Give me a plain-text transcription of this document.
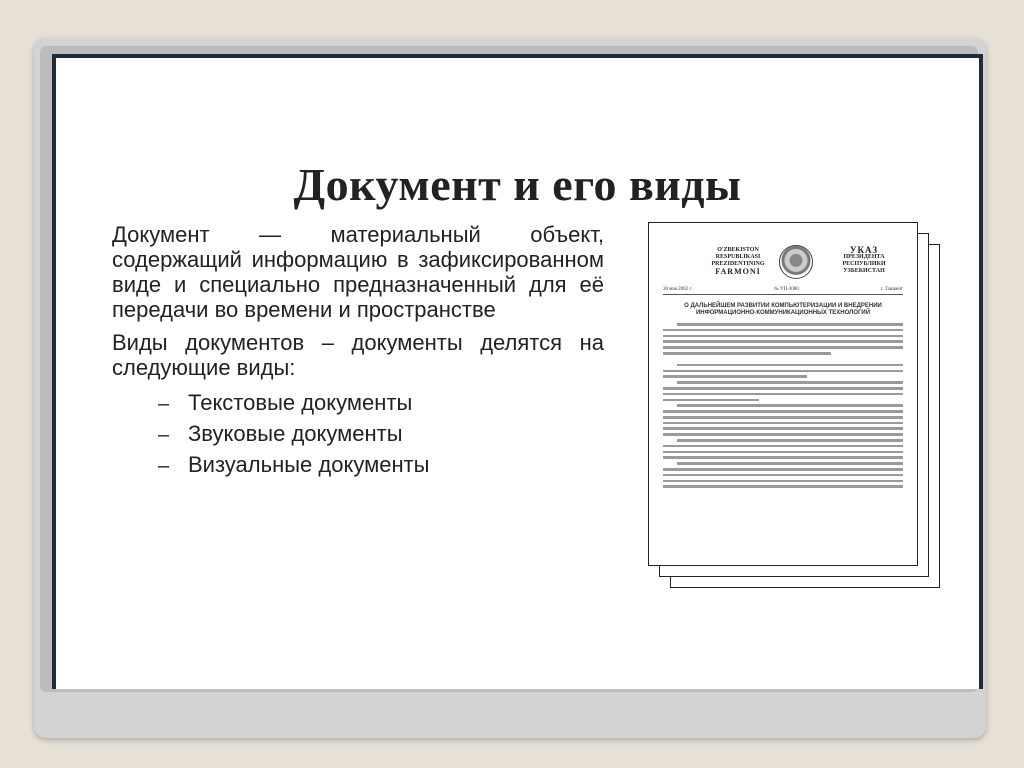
Документ и его виды

Документ — материальный объект, содержащий информацию в зафиксированном виде и специально предназначенный для её передачи во времени и пространстве

Виды документов – документы делятся на следующие виды:

– Текстовые документы
– Звуковые документы
– Визуальные документы
O'ZBEKISTON
RESPUBLIKASI
PREZIDENTINING
FARMONI
УКАЗ
ПРЕЗИДЕНТА
РЕСПУБЛИКИ
УЗБЕКИСТАН
30 мая 2002 г.	№ УП-3080	г. Ташкент
О ДАЛЬНЕЙШЕМ РАЗВИТИИ КОМПЬЮТЕРИЗАЦИИ И ВНЕДРЕНИИ ИНФОРМАЦИОННО-КОММУНИКАЦИОННЫХ ТЕХНОЛОГИЙ
